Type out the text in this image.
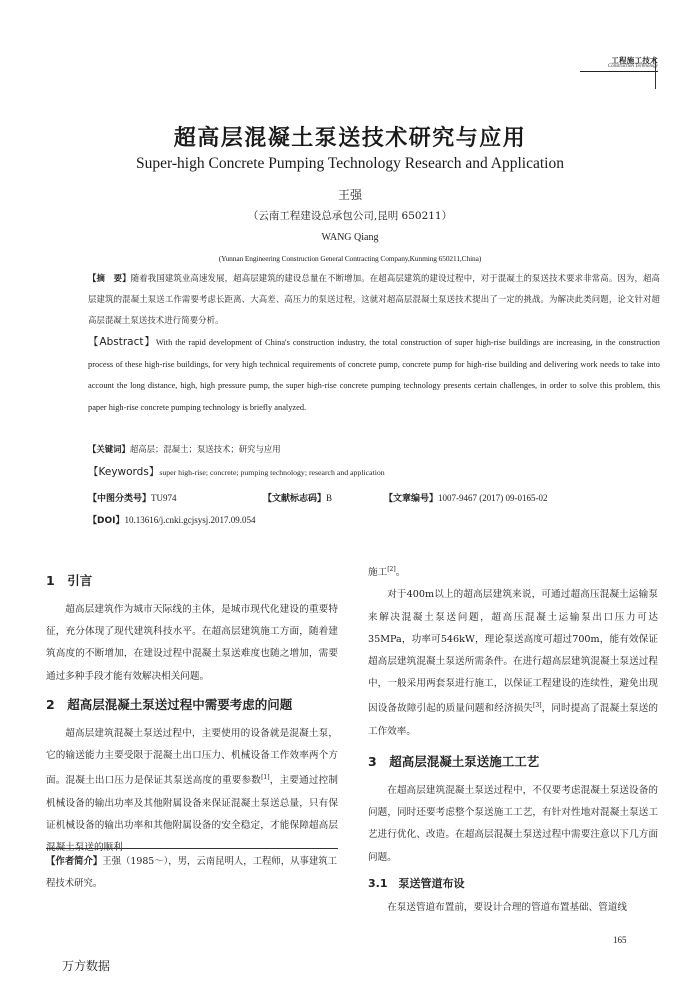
工程施工技术
Construction Technology
超高层混凝土泵送技术研究与应用
Super-high Concrete Pumping Technology Research and Application
王强
（云南工程建设总承包公司,昆明 650211）
WANG Qiang
(Yunnan Engineering Construction General Contracting Company,Kunming 650211,China)
【摘　要】随着我国建筑业高速发展，超高层建筑的建设总量在不断增加。在超高层建筑的建设过程中，对于混凝土的泵送技术要求非常高。因为，超高层建筑的混凝土泵送工作需要考虑长距离、大高差、高压力的泵送过程，这就对超高层混凝土泵送技术提出了一定的挑战。为解决此类问题，论文针对超高层混凝土泵送技术进行简要分析。
【Abstract】With the rapid development of China's construction industry, the total construction of super high-rise buildings are increasing, in the construction process of these high-rise buildings, for very high technical requirements of concrete pump, concrete pump for high-rise building and delivering work needs to take into account the long distance, high, high pressure pump, the super high-rise concrete pumping technology presents certain challenges, in order to solve this problem, this paper high-rise concrete pumping technology is briefly analyzed.
【关键词】超高层；混凝土；泵送技术；研究与应用
【Keywords】super high-rise; concrete; pumping technology; research and application
【中图分类号】TU974	【文献标志码】B	【文章编号】1007-9467 (2017) 09-0165-02
【DOI】10.13616/j.cnki.gcjsysj.2017.09.054
1　引言

超高层建筑作为城市天际线的主体，是城市现代化建设的重要特征，充分体现了现代建筑科技水平。在超高层建筑施工方面，随着建筑高度的不断增加，在建设过程中混凝土泵送难度也随之增加，需要通过多种手段才能有效解决相关问题。

2　超高层混凝土泵送过程中需要考虑的问题

超高层建筑混凝土泵送过程中，主要使用的设备就是混凝土泵，它的输送能力主要受限于混凝土出口压力、机械设备工作效率两个方面。混凝土出口压力是保证其泵送高度的重要参数[1]，主要通过控制机械设备的输出功率及其他附属设备来保证混凝土泵送总量，只有保证机械设备的输出功率和其他附属设备的安全稳定，才能保障超高层混凝土泵送的顺利

【作者简介】王强（1985～），男，云南昆明人，工程师，从事建筑工程技术研究。

施工[2]。

对于400m以上的超高层建筑来说，可通过超高压混凝土运输泵来解决混凝土泵送问题，超高压混凝土运输泵出口压力可达35MPa，功率可546kW，理论泵送高度可超过700m，能有效保证超高层建筑混凝土泵送所需条件。在进行超高层建筑混凝土泵送过程中，一般采用两套泵进行施工，以保证工程建设的连续性，避免出现因设备故障引起的质量问题和经济损失[3]，同时提高了混凝土泵送的工作效率。

3　超高层混凝土泵送施工工艺

在超高层建筑混凝土泵送过程中，不仅要考虑混凝土泵送设备的问题，同时还要考虑整个泵送施工工艺，有针对性地对混凝土泵送工艺进行优化、改造。在超高层混凝土泵送过程中需要注意以下几方面问题。

3.1　泵送管道布设

在泵送管道布置前，要设计合理的管道布置基础、管道线

165
万方数据
